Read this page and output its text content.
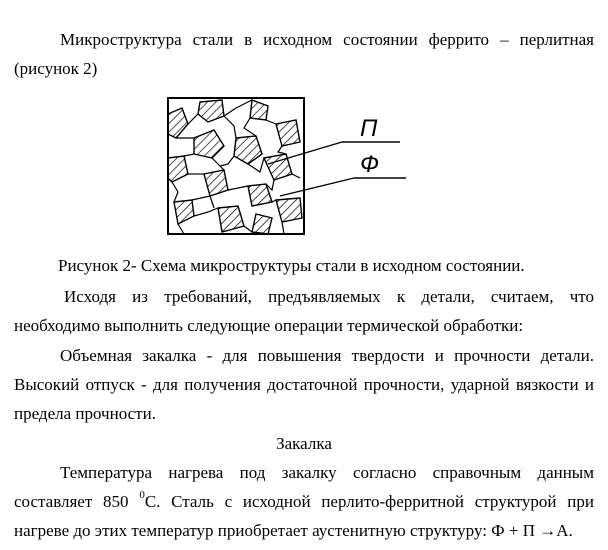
Микроструктура стали в исходном состоянии феррито – перлитная
(рисунок 2)
П
Ф
Рисунок 2- Схема микроструктуры стали в исходном состоянии.
Исходя из требований, предъявляемых к детали, считаем, что
необходимо выполнить следующие операции термической обработки:
Объемная закалка - для повышения твердости и прочности детали.
Высокий отпуск - для получения достаточной прочности, ударной вязкости и
предела прочности.
Закалка
Температура нагрева под закалку согласно справочным данным
составляет 850 $^0$С. Сталь с исходной перлито-ферритной структурой при
нагреве до этих температур приобретает аустенитную структуру: Ф + П →А.
